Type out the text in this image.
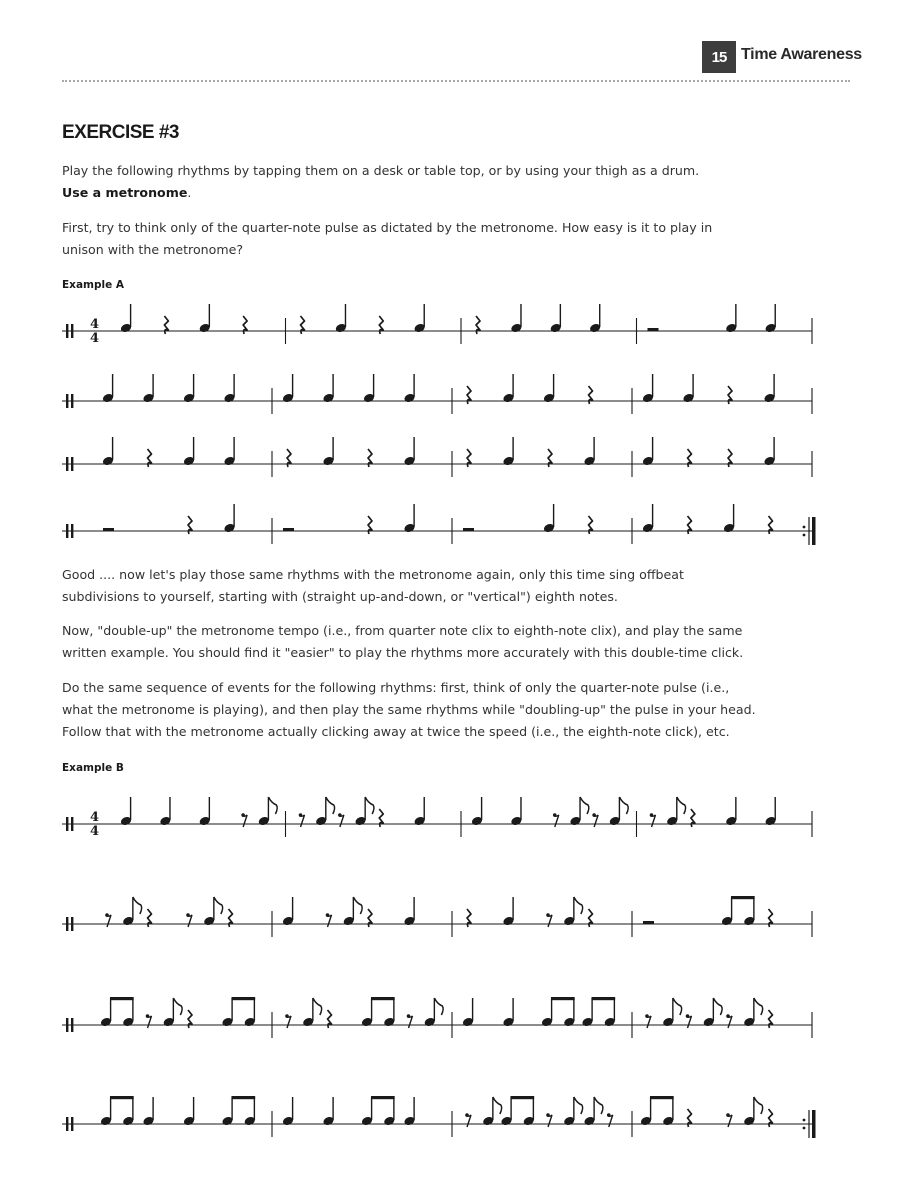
15 Time Awareness
EXERCISE #3
Play the following rhythms by tapping them on a desk or table top, or by using your thigh as a drum.
Use a metronome.
First, try to think only of the quarter-note pulse as dictated by the metronome. How easy is it to play in
unison with the metronome?
Example A
Good .... now let's play those same rhythms with the metronome again, only this time sing offbeat
subdivisions to yourself, starting with (straight up-and-down, or "vertical") eighth notes.
Now, "double-up" the metronome tempo (i.e., from quarter note clix to eighth-note clix), and play the same
written example. You should find it "easier" to play the rhythms more accurately with this double-time click.
Do the same sequence of events for the following rhythms: first, think of only the quarter-note pulse (i.e.,
what the metronome is playing), and then play the same rhythms while "doubling-up" the pulse in your head.
Follow that with the metronome actually clicking away at twice the speed (i.e., the eighth-note click), etc.
Example B
4
4
4
4
